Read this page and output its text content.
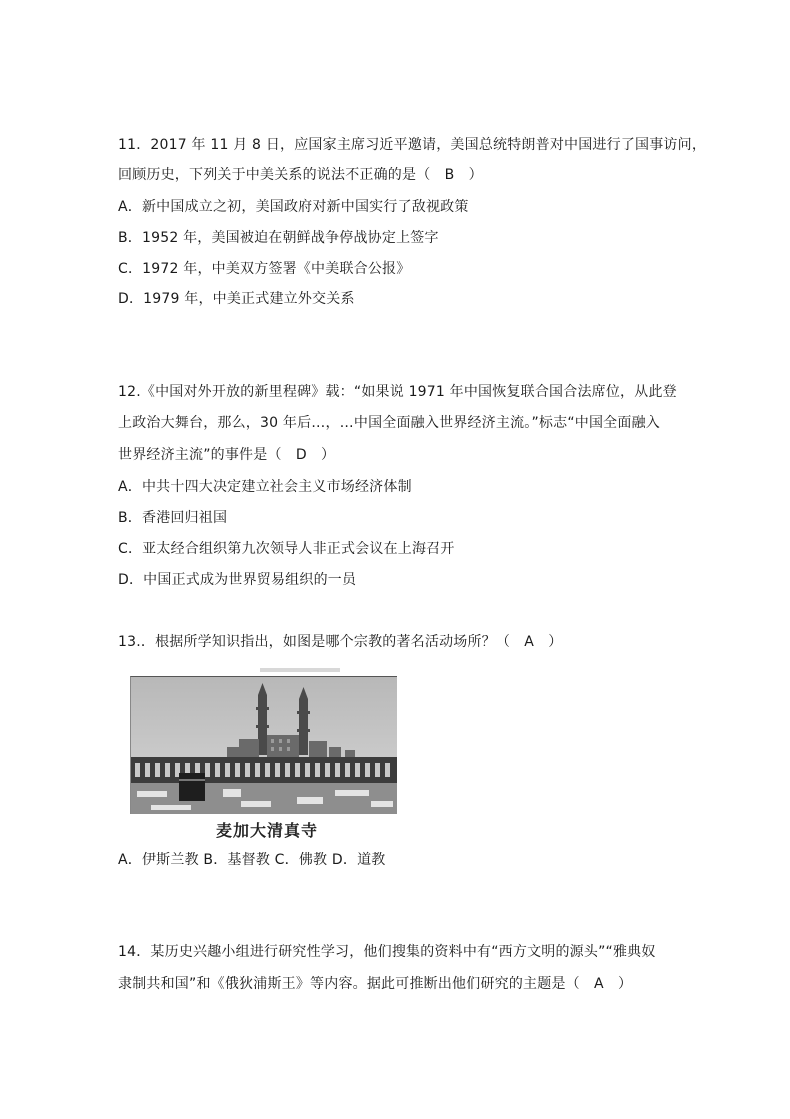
11．2017 年 11 月 8 日，应国家主席习近平邀请，美国总统特朗普对中国进行了国事访问，
回顾历史，下列关于中美关系的说法不正确的是（　B　）
A．新中国成立之初，美国政府对新中国实行了敌视政策
B．1952 年，美国被迫在朝鲜战争停战协定上签字
C．1972 年，中美双方签署《中美联合公报》
D．1979 年，中美正式建立外交关系
12.《中国对外开放的新里程碑》载：“如果说 1971 年中国恢复联合国合法席位，从此登
上政治大舞台，那么，30 年后…，…中国全面融入世界经济主流。”标志“中国全面融入
世界经济主流”的事件是（　D　）
A．中共十四大决定建立社会主义市场经济体制
B．香港回归祖国
C．亚太经合组织第九次领导人非正式会议在上海召开
D．中国正式成为世界贸易组织的一员
13.．根据所学知识指出，如图是哪个宗教的著名活动场所？（　A　）
麦加大清真寺
A．伊斯兰教 B．基督教 C．佛教 D．道教
14．某历史兴趣小组进行研究性学习，他们搜集的资料中有“西方文明的源头”“雅典奴
隶制共和国”和《俄狄浦斯王》等内容。据此可推断出他们研究的主题是（　A　）
